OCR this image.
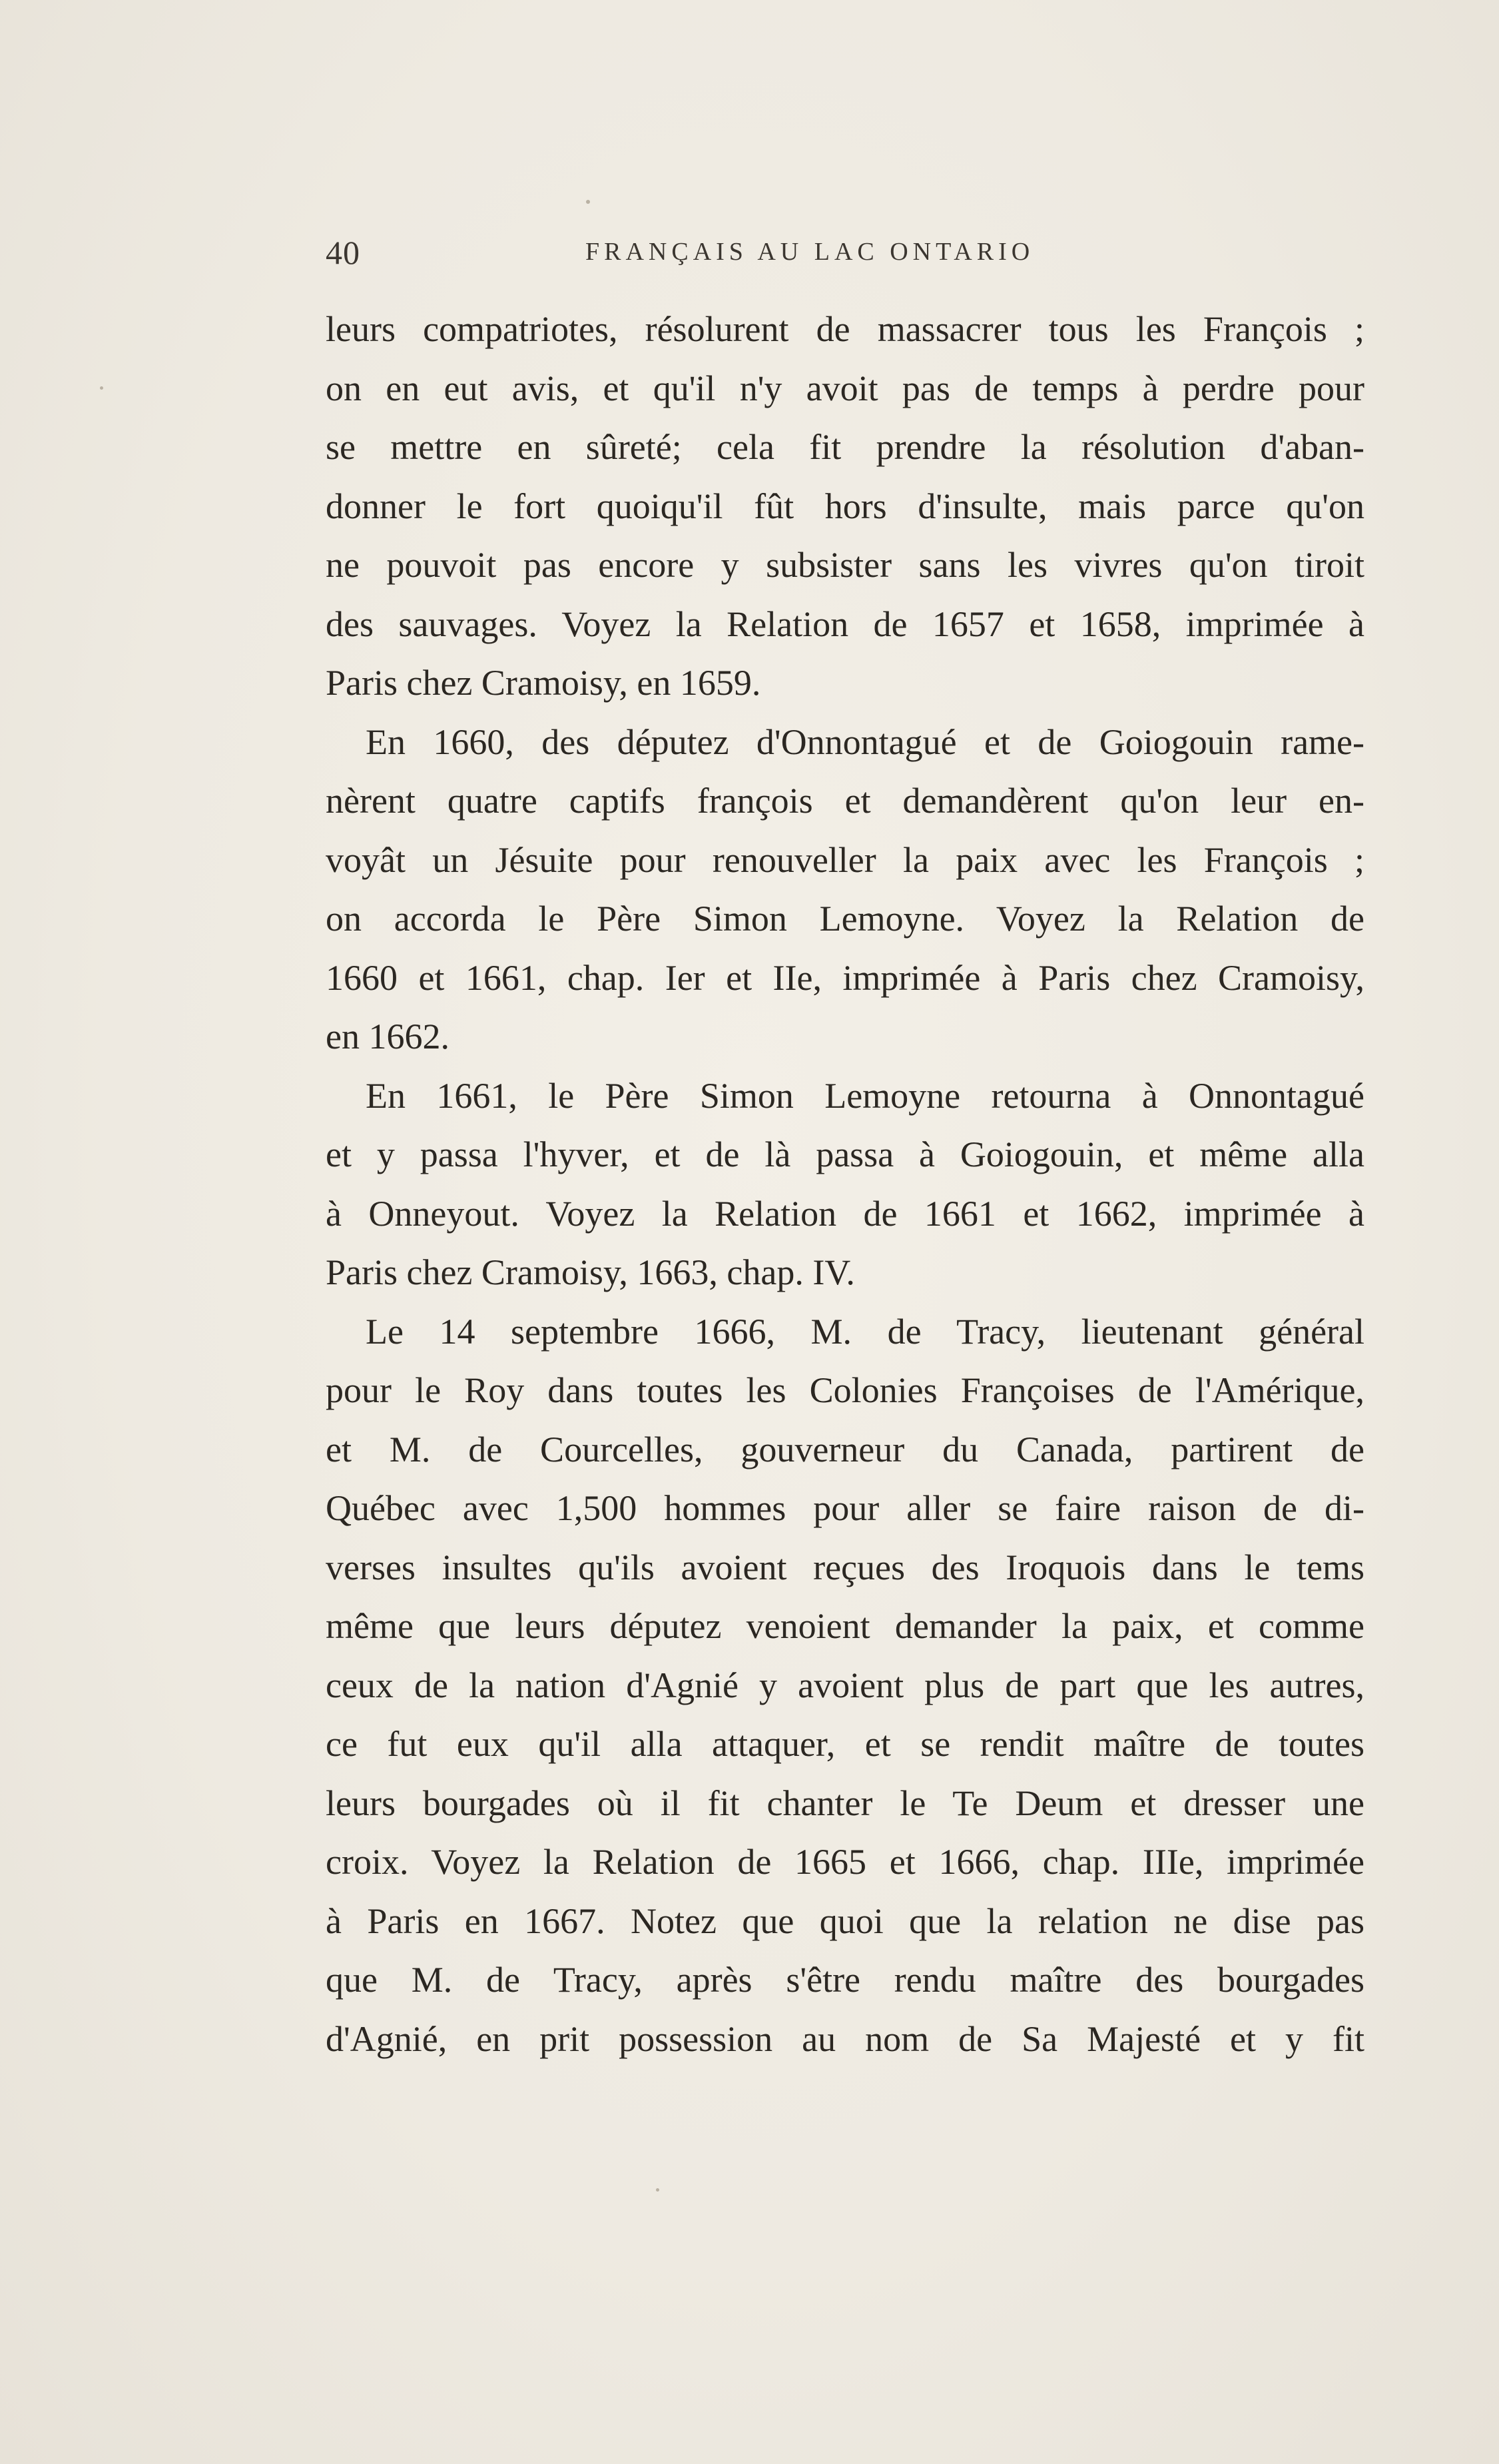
40	FRANÇAIS AU LAC ONTARIO
leurs compatriotes, résolurent de massacrer tous les François ;
on en eut avis, et qu'il n'y avoit pas de temps à perdre pour
se mettre en sûreté; cela fit prendre la résolution d'aban-
donner le fort quoiqu'il fût hors d'insulte, mais parce qu'on
ne pouvoit pas encore y subsister sans les vivres qu'on tiroit
des sauvages. Voyez la Relation de 1657 et 1658, imprimée à
Paris chez Cramoisy, en 1659.
En 1660, des députez d'Onnontagué et de Goiogouin rame-
nèrent quatre captifs françois et demandèrent qu'on leur en-
voyât un Jésuite pour renouveller la paix avec les François ;
on accorda le Père Simon Lemoyne. Voyez la Relation de
1660 et 1661, chap. Ier et IIe, imprimée à Paris chez Cramoisy,
en 1662.
En 1661, le Père Simon Lemoyne retourna à Onnontagué
et y passa l'hyver, et de là passa à Goiogouin, et même alla
à Onneyout. Voyez la Relation de 1661 et 1662, imprimée à
Paris chez Cramoisy, 1663, chap. IV.
Le 14 septembre 1666, M. de Tracy, lieutenant général
pour le Roy dans toutes les Colonies Françoises de l'Amérique,
et M. de Courcelles, gouverneur du Canada, partirent de
Québec avec 1,500 hommes pour aller se faire raison de di-
verses insultes qu'ils avoient reçues des Iroquois dans le tems
même que leurs députez venoient demander la paix, et comme
ceux de la nation d'Agnié y avoient plus de part que les autres,
ce fut eux qu'il alla attaquer, et se rendit maître de toutes
leurs bourgades où il fit chanter le Te Deum et dresser une
croix. Voyez la Relation de 1665 et 1666, chap. IIIe, imprimée
à Paris en 1667. Notez que quoi que la relation ne dise pas
que M. de Tracy, après s'être rendu maître des bourgades
d'Agnié, en prit possession au nom de Sa Majesté et y fit
